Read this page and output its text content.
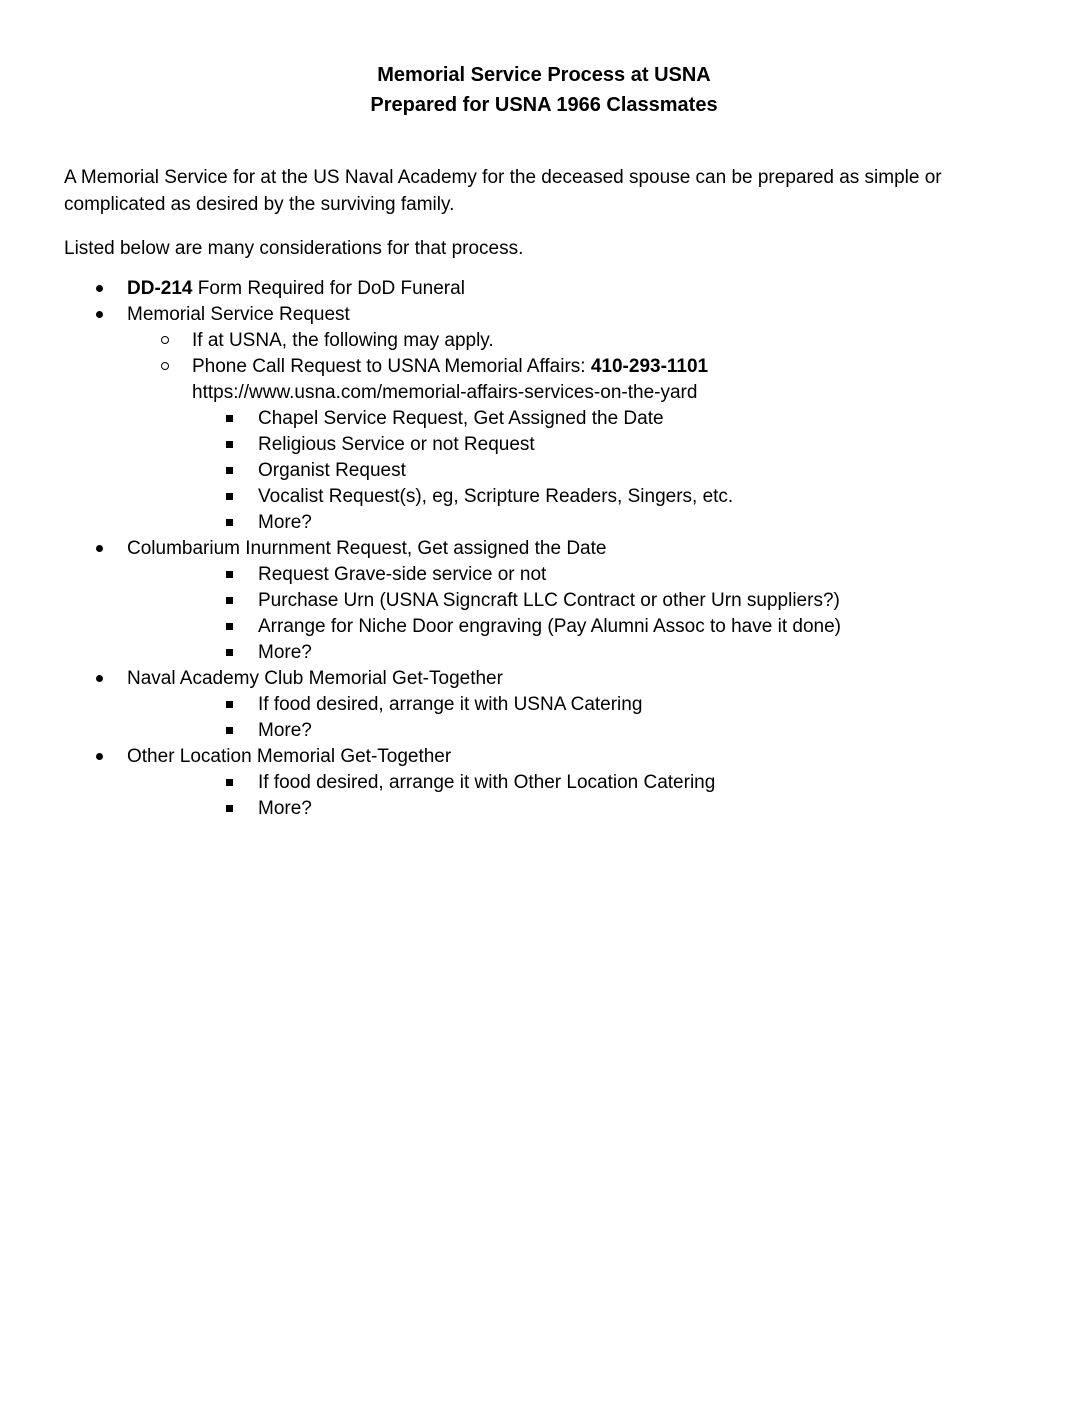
Memorial Service Process at USNA
Prepared for USNA 1966 Classmates

A Memorial Service for at the US Naval Academy for the deceased spouse can be prepared as simple or complicated as desired by the surviving family.

Listed below are many considerations for that process.

DD-214 Form Required for DoD Funeral
Memorial Service Request
If at USNA, the following may apply.
Phone Call Request to USNA Memorial Affairs: 410-293-1101
https://www.usna.com/memorial-affairs-services-on-the-yard
Chapel Service Request, Get Assigned the Date
Religious Service or not Request
Organist Request
Vocalist Request(s), eg, Scripture Readers, Singers, etc.
More?
Columbarium Inurnment Request, Get assigned the Date
Request Grave-side service or not
Purchase Urn (USNA Signcraft LLC Contract or other Urn suppliers?)
Arrange for Niche Door engraving (Pay Alumni Assoc to have it done)
More?
Naval Academy Club Memorial Get-Together
If food desired, arrange it with USNA Catering
More?
Other Location Memorial Get-Together
If food desired, arrange it with Other Location Catering
More?
